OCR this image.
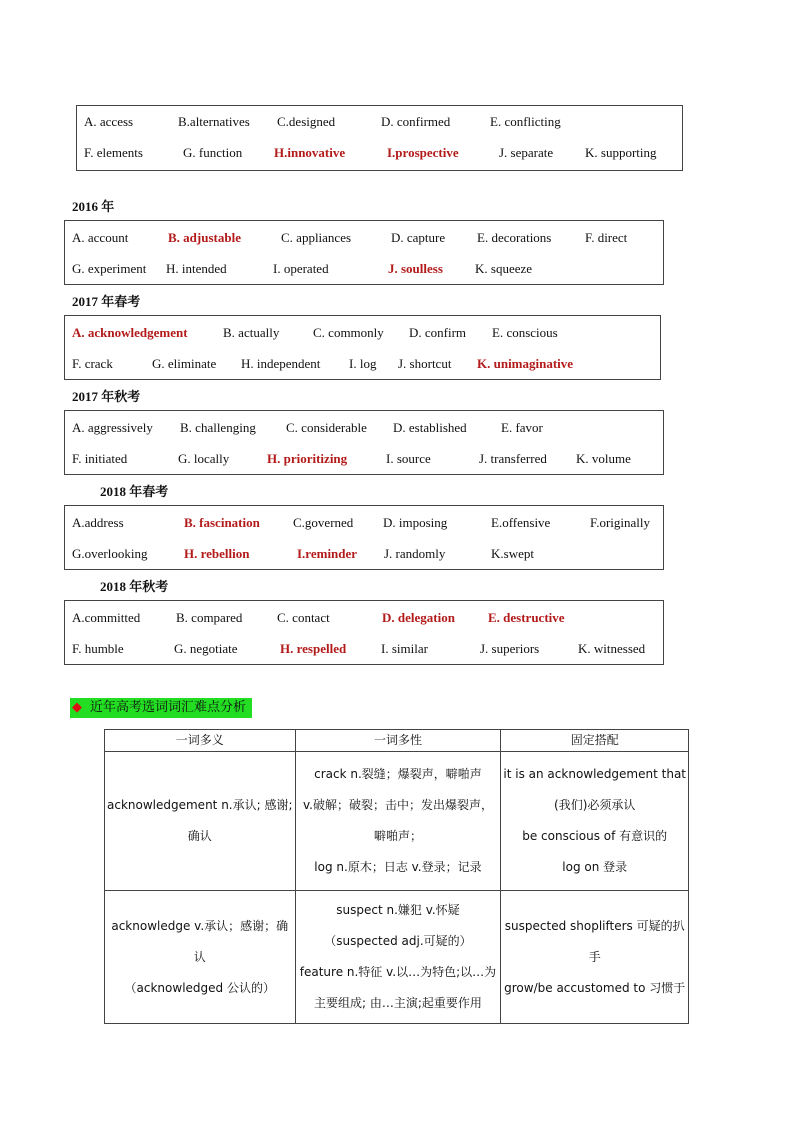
A. access	B.alternatives C.designed	D. confirmed	E. conflicting
F. elements	G. function H.innovative	I.prospective	J. separate K. supporting
2016 年
A. account	B. adjustable	C. appliances	D. capture E. decorations	F. direct
G. experiment H. intended	I. operated	J. soulless K. squeeze
2017 年春考
A. acknowledgement	B. actually	C. commonly D. confirm E. conscious
F. crack	G. eliminate H. independent I. log J. shortcut K. unimaginative
2017 年秋考
A. aggressively B. challenging C. considerable D. established	E. favor
F. initiated	G. locally	H. prioritizing	I. source	J. transferred K. volume
2018 年春考
A.address	B. fascination	C.governed D. imposing	E.offensive	F.originally
G.overlooking	H. rebellion	I.reminder J. randomly	K.swept
2018 年秋考
A.committed	B. compared	C. contact	D. delegation	E. destructive
F. humble	G. negotiate	H. respelled	I. similar	J. superiors	K. witnessed
◆ 近年高考选词词汇难点分析
一词多义	一词多性	固定搭配

acknowledgement n.承认; 感谢;
确认	crack n.裂缝；爆裂声，噼啪声
v.破解；破裂；击中；发出爆裂声，
噼啪声；
log n.原木；日志 v.登录；记录	it is an acknowledgement that
(我们)必须承认
be conscious of 有意识的
log on 登录

acknowledge v.承认；感谢；确
认
（acknowledged 公认的）	suspect n.嫌犯 v.怀疑
（suspected adj.可疑的）
feature n.特征 v.以…为特色;以…为
主要组成; 由…主演;起重要作用	suspected shoplifters 可疑的扒
手
grow/be accustomed to 习惯于
